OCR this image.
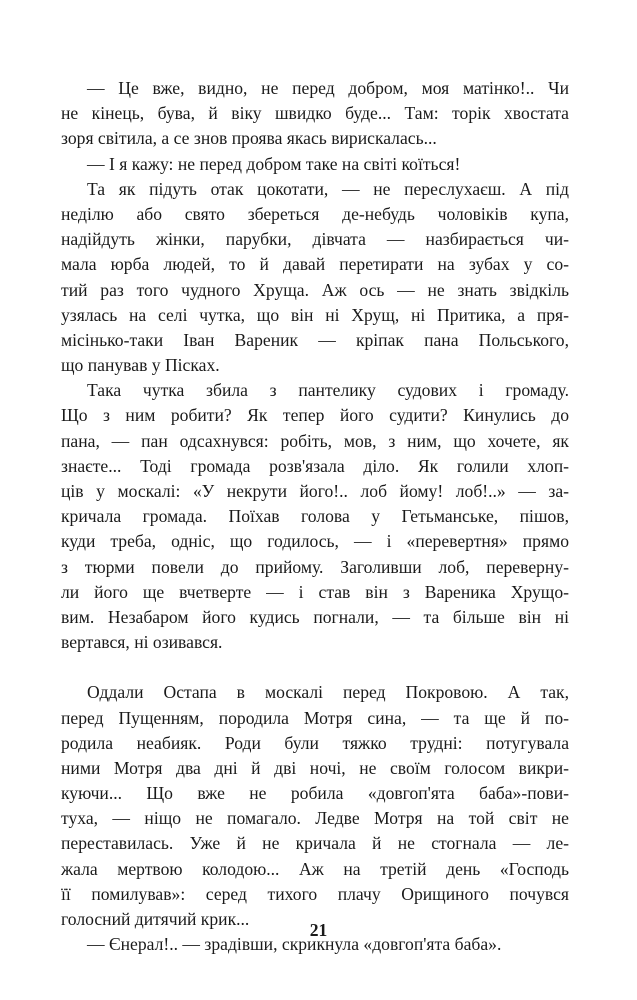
— Це вже, видно, не перед добром, моя матінко!.. Чи
не кінець, бува, й віку швидко буде... Там: торік хвостата
зоря світила, а се знов проява якась вирискалась...
— І я кажу: не перед добром таке на світі коїться!
Та як підуть отак цокотати, — не переслухаєш. А під
неділю або свято збереться де-небудь чоловіків купа,
надійдуть жінки, парубки, дівчата — назбирається чи-
мала юрба людей, то й давай перетирати на зубах у со-
тий раз того чудного Хруща. Аж ось — не знать звідкіль
узялась на селі чутка, що він ні Хрущ, ні Притика, а пря-
місінько-таки Іван Вареник — кріпак пана Польського,
що панував у Пісках.
Така чутка збила з пантелику судових і громаду.
Що з ним робити? Як тепер його судити? Кинулись до
пана, — пан одсахнувся: робіть, мов, з ним, що хочете, як
знаєте... Тоді громада розв'язала діло. Як голили хлоп-
ців у москалі: «У некрути його!.. лоб йому! лоб!..» — за-
кричала громада. Поїхав голова у Гетьманське, пішов,
куди треба, одніс, що годилось, — і «перевертня» прямо
з тюрми повели до прийому. Заголивши лоб, переверну-
ли його ще вчетверте — і став він з Вареника Хрущо-
вим. Незабаром його кудись погнали, — та більше він ні
вертався, ні озивався.
Оддали Остапа в москалі перед Покровою. А так,
перед Пущенням, породила Мотря сина, — та ще й по-
родила неабияк. Роди були тяжко трудні: потугувала
ними Мотря два дні й дві ночі, не своїм голосом викри-
куючи... Що вже не робила «довгоп'ята баба»-пови-
туха, — ніщо не помагало. Ледве Мотря на той світ не
переставилась. Уже й не кричала й не стогнала — ле-
жала мертвою колодою... Аж на третій день «Господь
її помилував»: серед тихого плачу Орищиного почувся
голосний дитячий крик...
— Єнерал!.. — зрадівши, скрикнула «довгоп'ята баба».
21
